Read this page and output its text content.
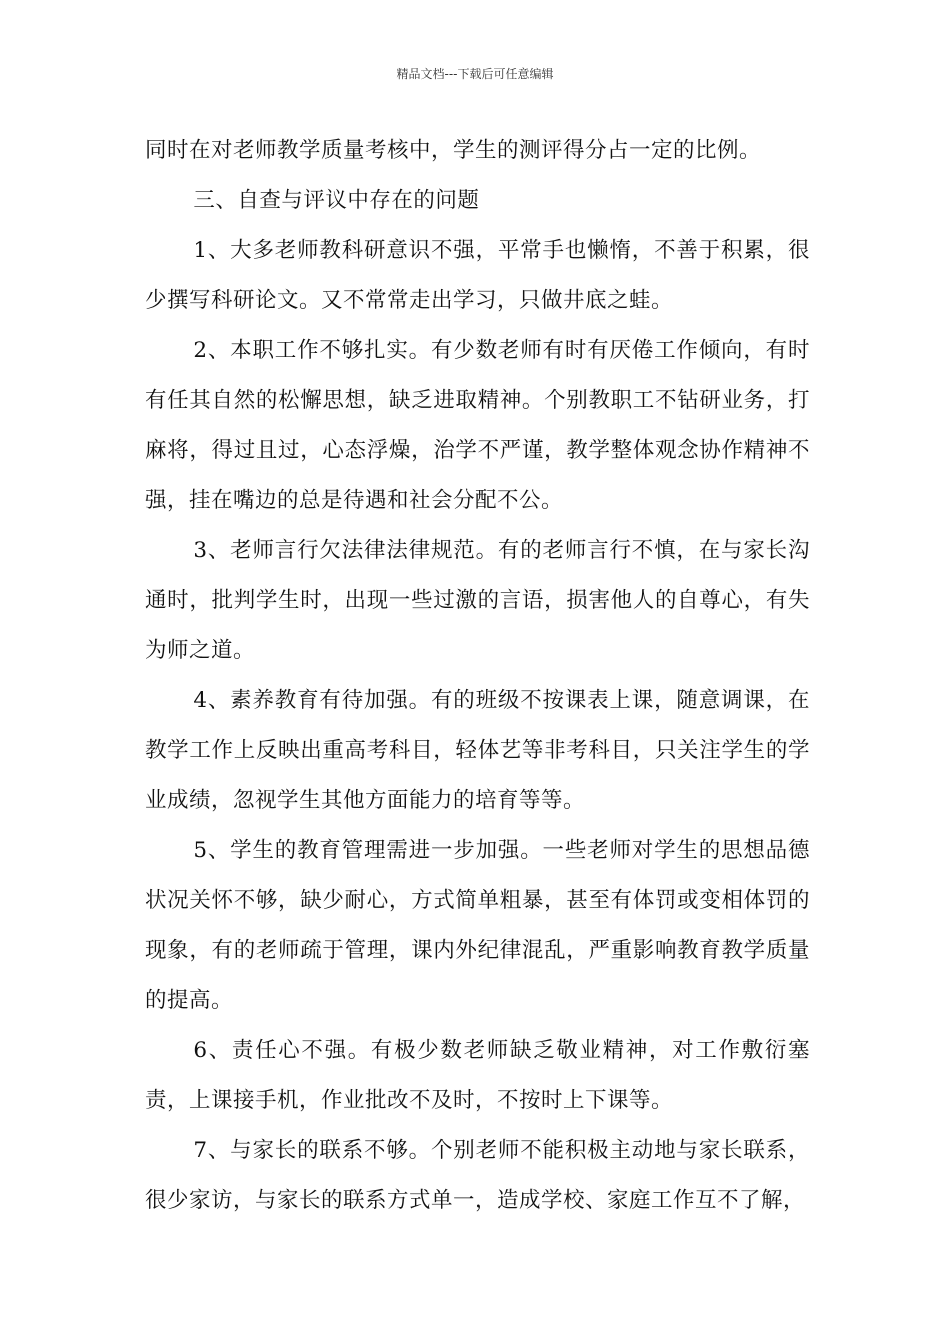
精品文档---下载后可任意编辑

同时在对老师教学质量考核中，学生的测评得分占一定的比例。

三、自查与评议中存在的问题

1、大多老师教科研意识不强，平常手也懒惰，不善于积累，很少撰写科研论文。又不常常走出学习，只做井底之蛙。

2、本职工作不够扎实。有少数老师有时有厌倦工作倾向，有时有任其自然的松懈思想，缺乏进取精神。个别教职工不钻研业务，打麻将，得过且过，心态浮燥，治学不严谨，教学整体观念协作精神不强，挂在嘴边的总是待遇和社会分配不公。

3、老师言行欠法律法律规范。有的老师言行不慎，在与家长沟通时，批判学生时，出现一些过激的言语，损害他人的自尊心，有失为师之道。

4、素养教育有待加强。有的班级不按课表上课，随意调课，在教学工作上反映出重高考科目，轻体艺等非考科目，只关注学生的学业成绩，忽视学生其他方面能力的培育等等。

5、学生的教育管理需进一步加强。一些老师对学生的思想品德状况关怀不够，缺少耐心，方式简单粗暴，甚至有体罚或变相体罚的现象，有的老师疏于管理，课内外纪律混乱，严重影响教育教学质量的提高。

6、责任心不强。有极少数老师缺乏敬业精神，对工作敷衍塞责，上课接手机，作业批改不及时，不按时上下课等。

7、与家长的联系不够。个别老师不能积极主动地与家长联系，很少家访，与家长的联系方式单一，造成学校、家庭工作互不了解，
